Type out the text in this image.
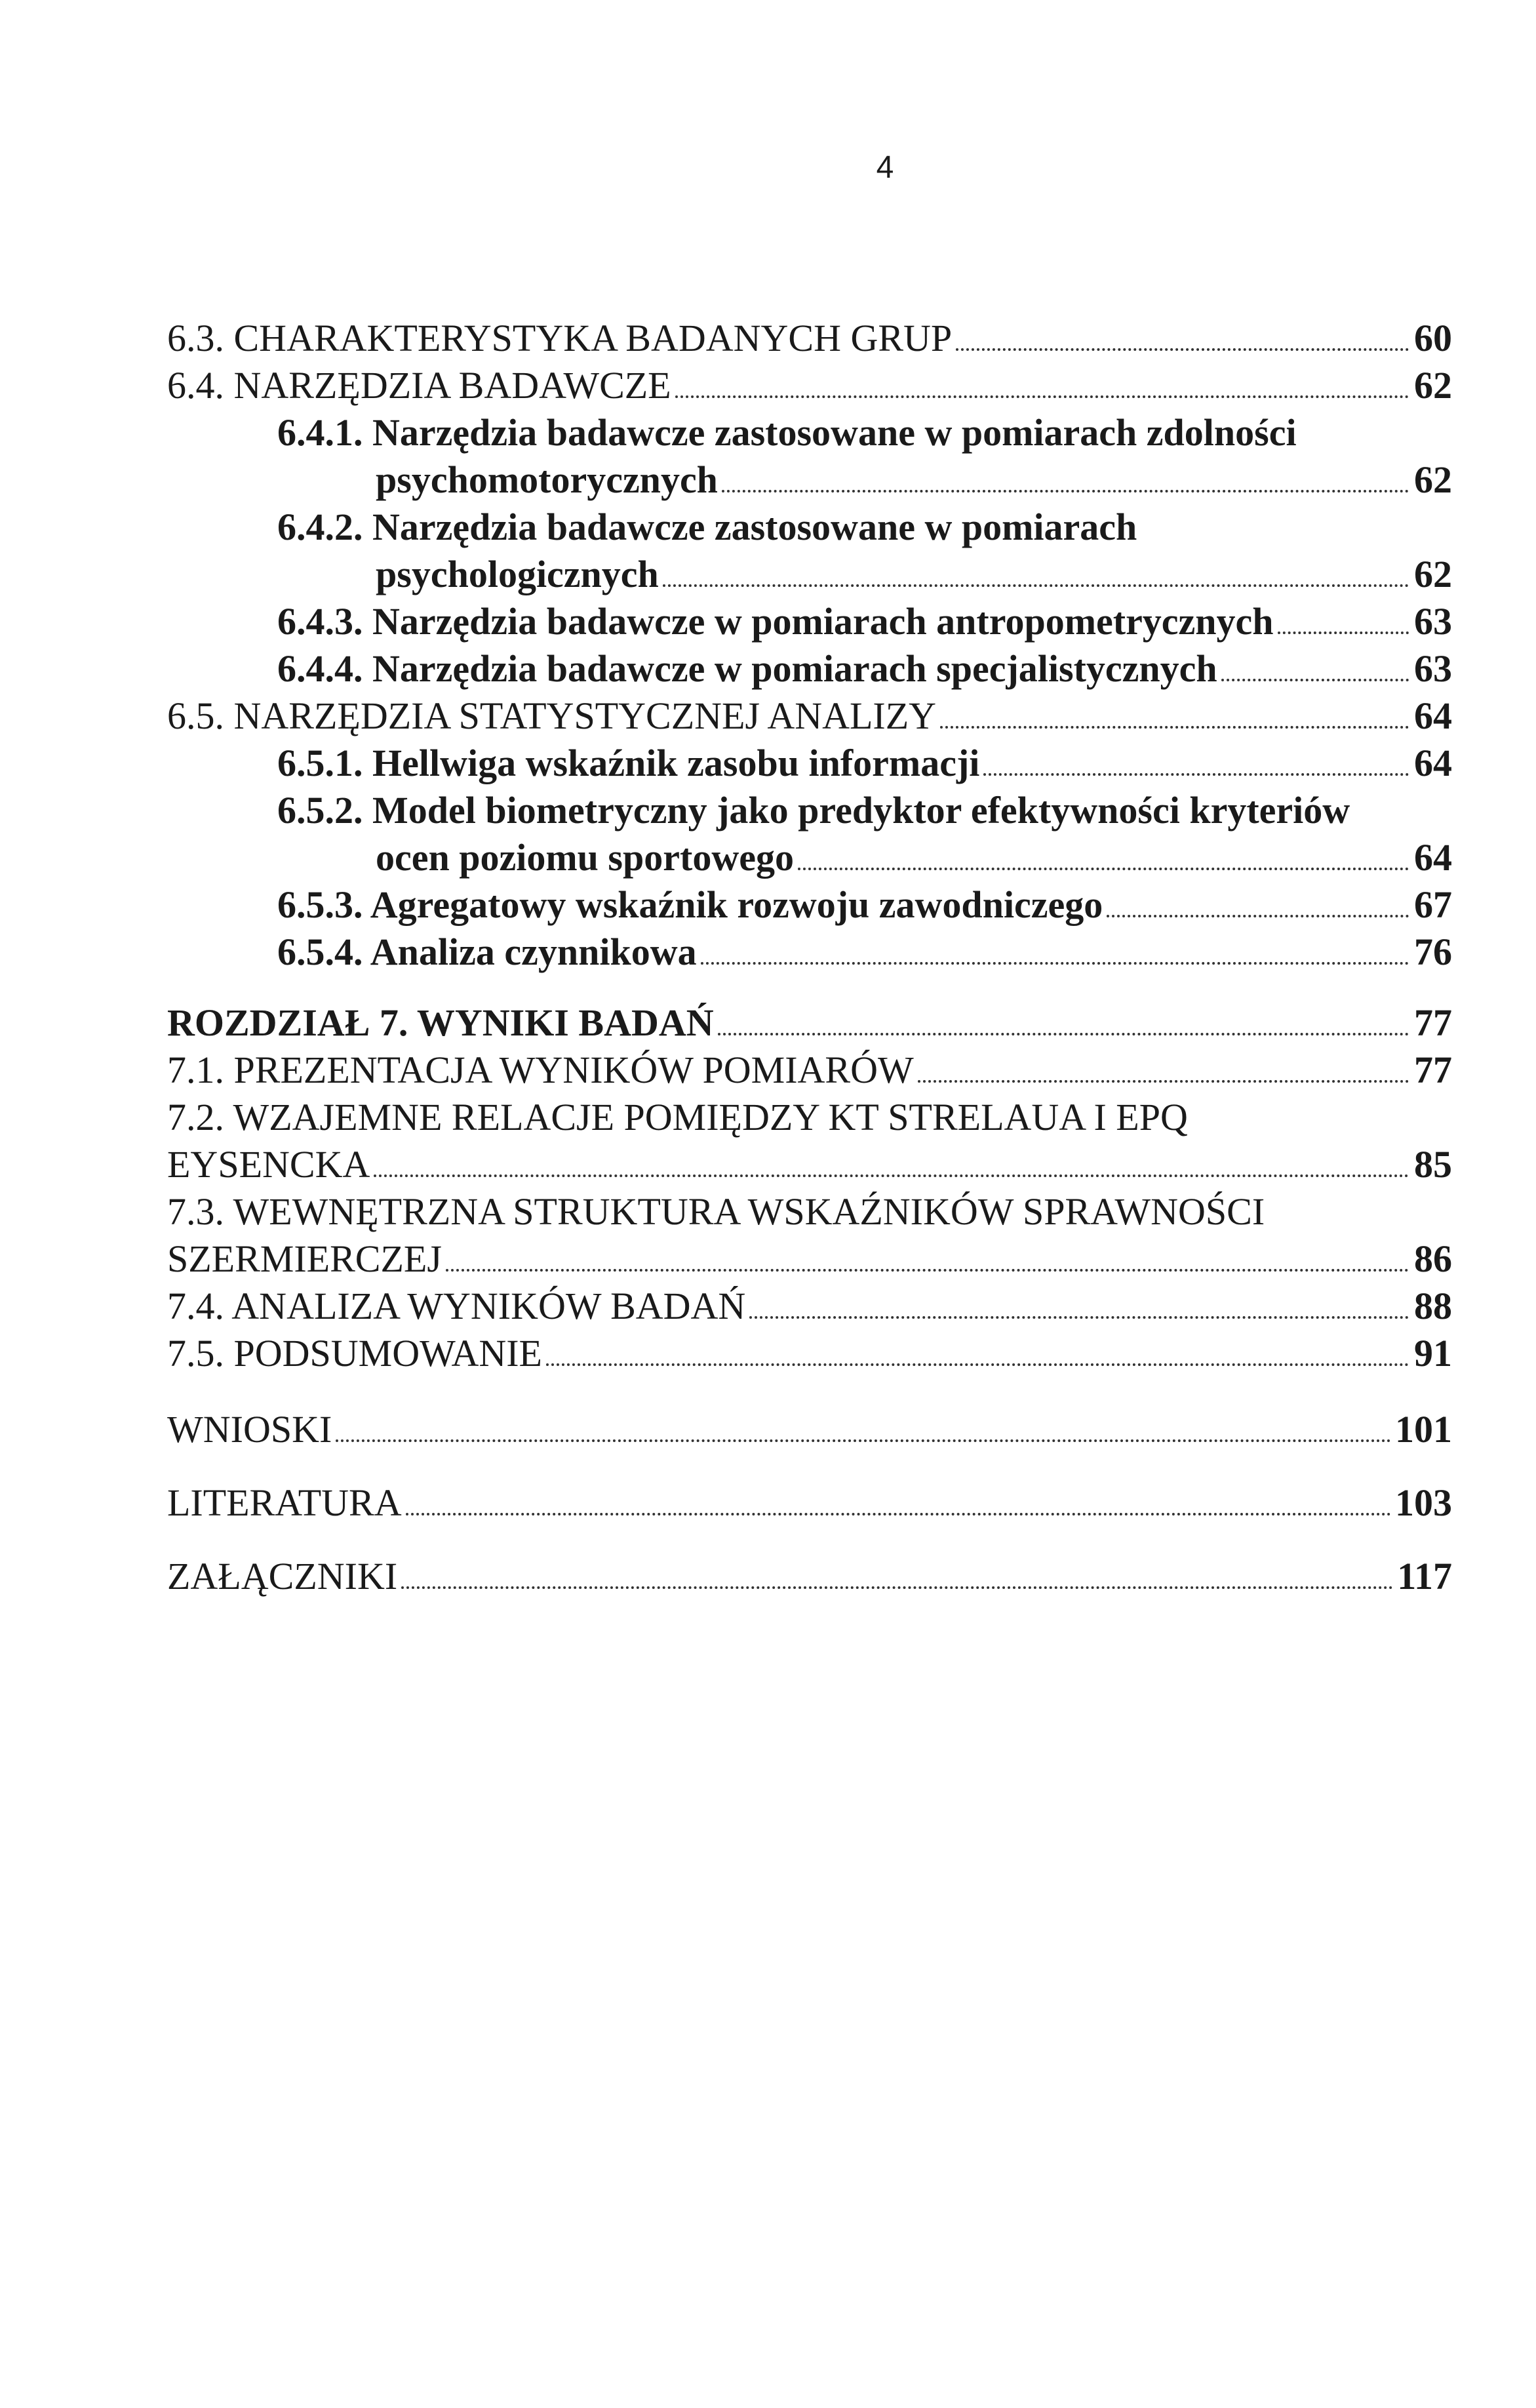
4
6.3. CHARAKTERYSTYKA BADANYCH GRUP	60
6.4. NARZĘDZIA BADAWCZE	62
6.4.1. Narzędzia badawcze zastosowane w pomiarach zdolności
psychomotorycznych	62
6.4.2. Narzędzia badawcze zastosowane w pomiarach
psychologicznych	62
6.4.3. Narzędzia badawcze w pomiarach antropometrycznych	63
6.4.4. Narzędzia badawcze w pomiarach specjalistycznych	63
6.5. NARZĘDZIA STATYSTYCZNEJ ANALIZY	64
6.5.1. Hellwiga wskaźnik zasobu informacji	64
6.5.2. Model biometryczny jako predyktor efektywności kryteriów
ocen poziomu sportowego	64
6.5.3. Agregatowy wskaźnik rozwoju zawodniczego	67
6.5.4. Analiza czynnikowa	76
ROZDZIAŁ 7. WYNIKI BADAŃ	77
7.1. PREZENTACJA WYNIKÓW POMIARÓW	77
7.2. WZAJEMNE RELACJE POMIĘDZY KT STRELAUA I EPQ
EYSENCKA	85
7.3. WEWNĘTRZNA STRUKTURA WSKAŹNIKÓW SPRAWNOŚCI
SZERMIERCZEJ	86
7.4. ANALIZA WYNIKÓW BADAŃ	88
7.5. PODSUMOWANIE	91
WNIOSKI	101
LITERATURA	103
ZAŁĄCZNIKI	117
